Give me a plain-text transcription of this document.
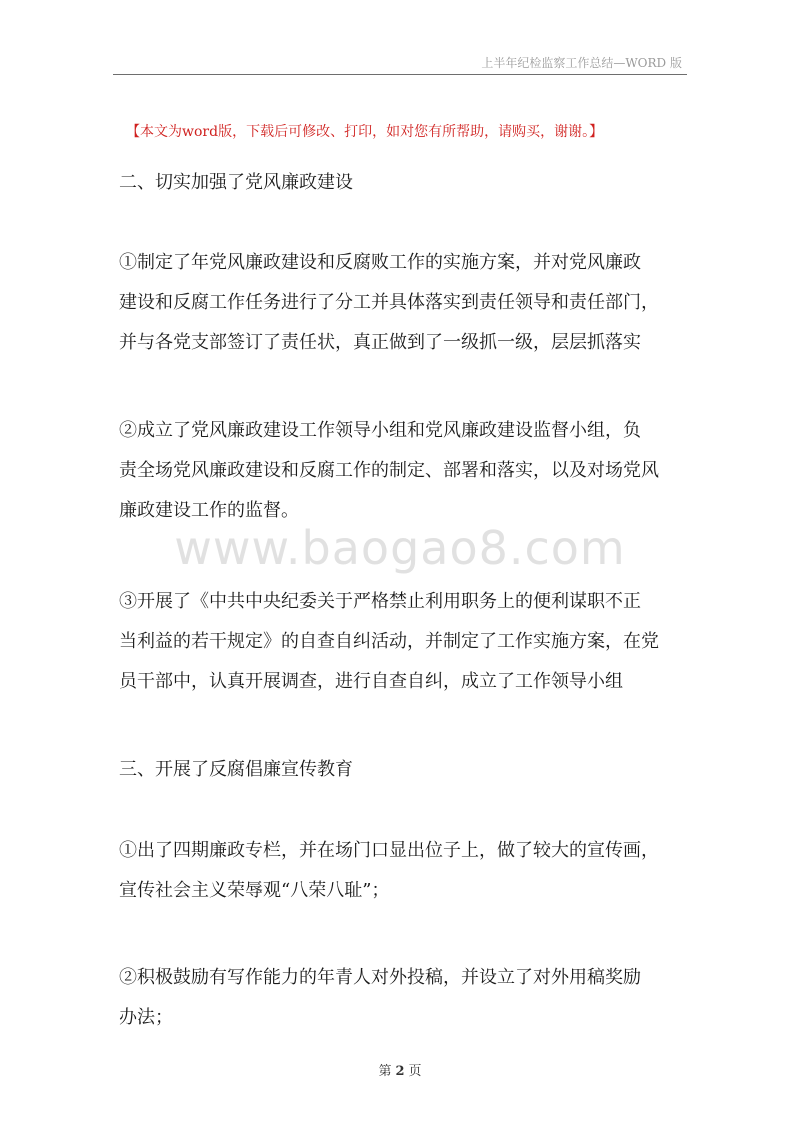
上半年纪检监察工作总结—WORD 版
【本文为word版，下载后可修改、打印，如对您有所帮助，请购买，谢谢。】

二、切实加强了党风廉政建设

①制定了年党风廉政建设和反腐败工作的实施方案，并对党风廉政
建设和反腐工作任务进行了分工并具体落实到责任领导和责任部门，
并与各党支部签订了责任状，真正做到了一级抓一级，层层抓落实

②成立了党风廉政建设工作领导小组和党风廉政建设监督小组，负
责全场党风廉政建设和反腐工作的制定、部署和落实，以及对场党风
廉政建设工作的监督。

www.baogao8.com

③开展了《中共中央纪委关于严格禁止利用职务上的便利谋职不正
当利益的若干规定》的自查自纠活动，并制定了工作实施方案，在党
员干部中，认真开展调查，进行自查自纠，成立了工作领导小组

三、开展了反腐倡廉宣传教育

①出了四期廉政专栏，并在场门口显出位子上，做了较大的宣传画，
宣传社会主义荣辱观“八荣八耻”；

②积极鼓励有写作能力的年青人对外投稿，并设立了对外用稿奖励
办法；

第 2 页
